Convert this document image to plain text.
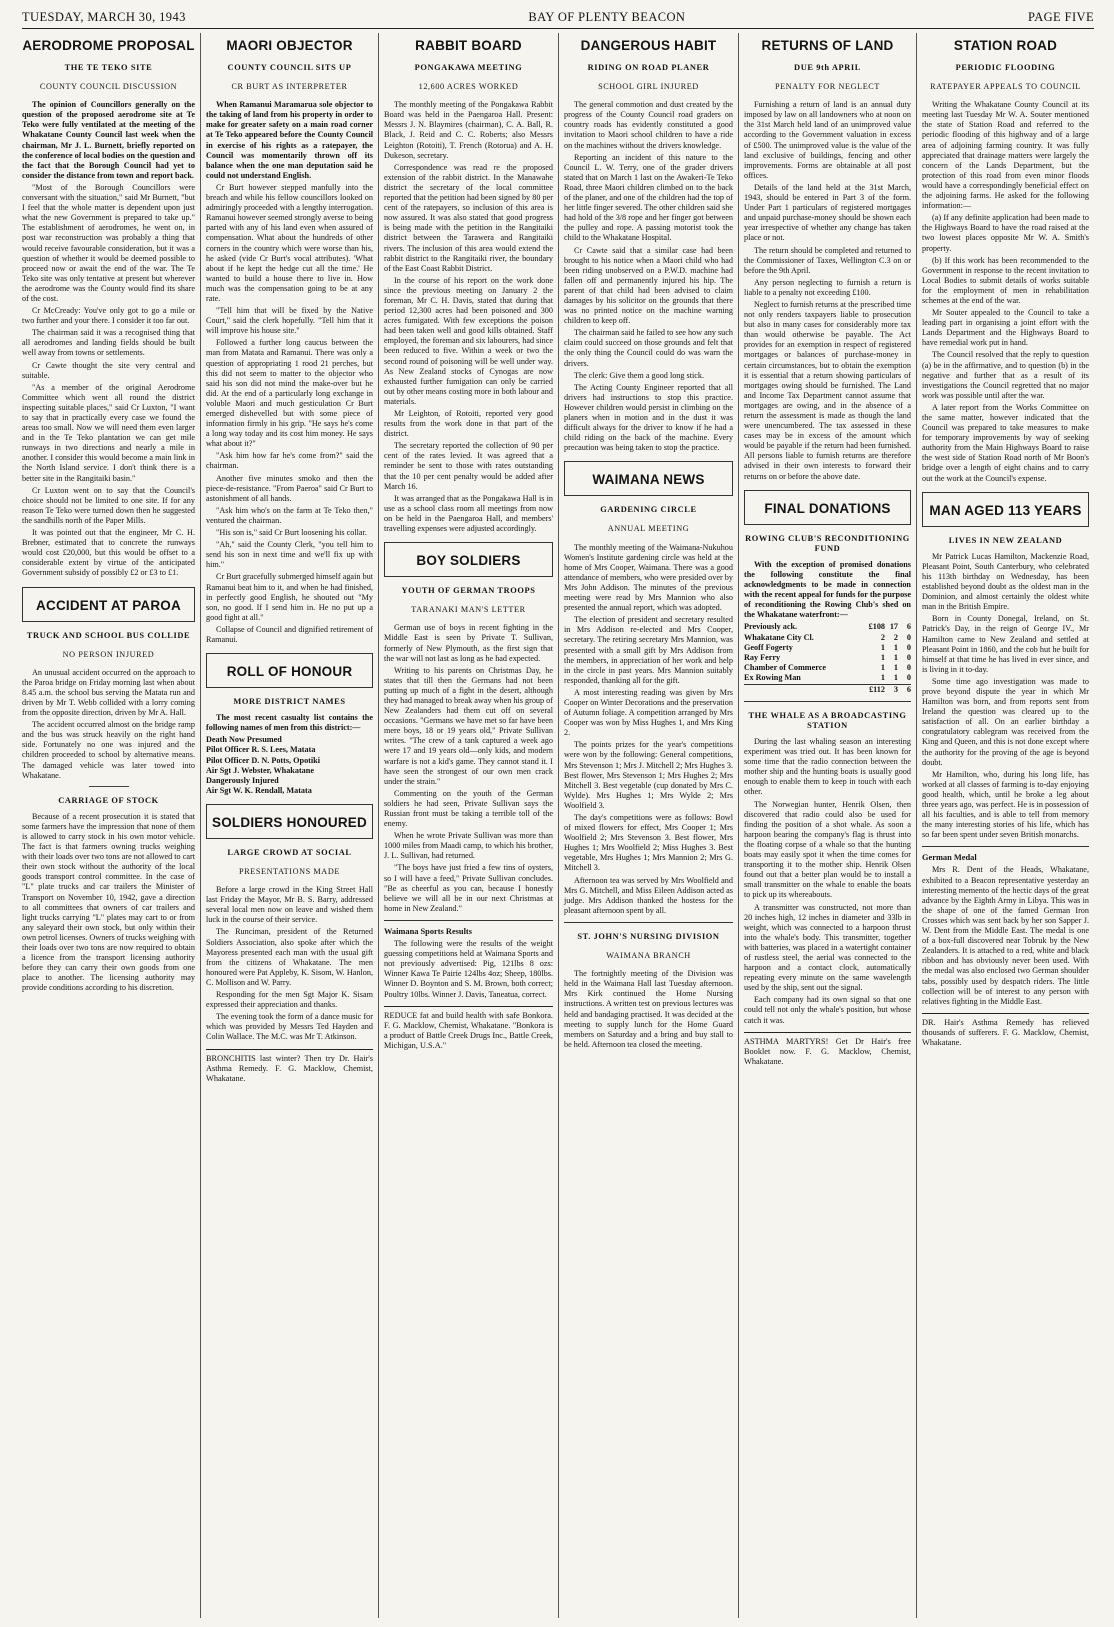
TUESDAY, MARCH 30, 1943	BAY OF PLENTY BEACON	PAGE FIVE
AERODROME PROPOSAL
THE TE TEKO SITE
COUNTY COUNCIL DISCUSSION

The opinion of Councillors generally on the question of the proposed aerodrome site at Te Teko were fully ventilated at the meeting of the Whakatane County Council last week when the chairman, Mr J. L. Burnett, briefly reported on the conference of local bodies on the question and the fact that the Borough Council had yet to consider the distance from town and report back.

"Most of the Borough Councillors were conversant with the situation," said Mr Burnett, "but I feel that the whole matter is dependent upon just what the new Government is prepared to take up." The establishment of aerodromes, he went on, in post war reconstruction was probably a thing that would receive favourable consideration, but it was a question of whether it would be deemed possible to proceed now or await the end of the war. The Te Teko site was only tentative at present but wherever the aerodrome was the County would find its share of the cost.

Cr McCready: You've only got to go a mile or two further and your there. I consider it too far out.

The chairman said it was a recognised thing that all aerodromes and landing fields should be built well away from towns or settlements.

Cr Cawte thought the site very central and suitable.

"As a member of the original Aerodrome Committee which went all round the district inspecting suitable places," said Cr Luxton, "I want to say that in practically every case we found the areas too small. Now we will need them even larger and in the Te Teko plantation we can get mile runways in two directions and nearly a mile in another. I consider this would become a main link in the North Island service. I don't think there is a better site in the Rangitaiki basin."

Cr Luxton went on to say that the Council's choice should not be limited to one site. If for any reason Te Teko were turned down then he suggested the sandhills north of the Paper Mills.

It was pointed out that the engineer, Mr C. H. Brebner, estimated that to concrete the runways would cost £20,000, but this would be offset to a considerable extent by virtue of the anticipated Government subsidy of possibly £2 or £3 to £1.

ACCIDENT AT PAROA
TRUCK AND SCHOOL BUS COLLIDE
NO PERSON INJURED

An unusual accident occurred on the approach to the Paroa bridge on Friday morning last when about 8.45 a.m. the school bus serving the Matata run and driven by Mr T. Webb collided with a lorry coming from the opposite direction, driven by Mr A. Hall.

The accident occurred almost on the bridge ramp and the bus was struck heavily on the right hand side. Fortunately no one was injured and the children proceeded to school by alternative means. The damaged vehicle was later towed into Whakatane.

CARRIAGE OF STOCK

Because of a recent prosecution it is stated that some farmers have the impression that none of them is allowed to carry stock in his own motor vehicle. The fact is that farmers owning trucks weighing with their loads over two tons are not allowed to cart their own stock without the authority of the local goods transport control committee. In the case of "L" plate trucks and car trailers the Minister of Transport on November 10, 1942, gave a direction to all committees that owners of car trailers and light trucks carrying "L" plates may cart to or from any saleyard their own stock, but only within their own petrol licenses. Owners of trucks weighing with their loads over two tons are now required to obtain a licence from the transport licensing authority before they can carry their own goods from one place to another. The licensing authority may provide conditions according to his discretion.

MAORI OBJECTOR
COUNTY COUNCIL SITS UP
CR BURT AS INTERPRETER

When Ramanui Maramarua sole objector to the taking of land from his property in order to make for greater safety on a main road corner at Te Teko appeared before the County Council in exercise of his rights as a ratepayer, the Council was momentarily thrown off its balance when the one man deputation said he could not understand English.

Cr Burt however stepped manfully into the breach and while his fellow councillors looked on admiringly proceeded with a lengthy interrogation. Ramanui however seemed strongly averse to being parted with any of his land even when assured of compensation. What about the hundreds of other corners in the country which were worse than his, he asked (vide Cr Burt's vocal attributes). 'What about if he kept the hedge cut all the time.' He wanted to build a house there to live in. How much was the compensation going to be at any rate.

"Tell him that will be fixed by the Native Court," said the clerk hopefully. "Tell him that it will improve his house site."

Followed a further long caucus between the man from Matata and Ramanui. There was only a question of appropriating 1 rood 21 perches, but this did not seem to matter to the objector who said his son did not mind the make-over but he did. At the end of a particularly long exchange in voluble Maori and much gesticulation Cr Burt emerged dishevelled but with some piece of information firmly in his grip. "He says he's come a long way today and its cost him money. He says what about it?"

"Ask him how far he's come from?" said the chairman.

Another five minutes smoko and then the piece-de-resistance. "From Paeroa" said Cr Burt to astonishment of all hands.

"Ask him who's on the farm at Te Teko then," ventured the chairman.

"His son is," said Cr Burt loosening his collar.

"Ah," said the County Clerk, "you tell him to send his son in next time and we'll fix up with him."

Cr Burt gracefully submerged himself again but Ramanui beat him to it, and when he had finished, in perfectly good English, he shouted out "My son, no good. If I send him in. He no put up a good fight at all."

Collapse of Council and dignified retirement of Ramanui.

ROLL OF HONOUR
MORE DISTRICT NAMES

The most recent casualty list contains the following names of men from this district:—

Death Now Presumed

Pilot Officer R. S. Lees, Matata

Pilot Officer D. N. Potts, Opotiki

Air Sgt J. Webster, Whakatane

Dangerously Injured

Air Sgt W. K. Rendall, Matata

SOLDIERS HONOURED
LARGE CROWD AT SOCIAL
PRESENTATIONS MADE

Before a large crowd in the King Street Hall last Friday the Mayor, Mr B. S. Barry, addressed several local men now on leave and wished them luck in the course of their service.

The Runciman, president of the Returned Soldiers Association, also spoke after which the Mayoress presented each man with the usual gift from the citizens of Whakatane. The men honoured were Pat Appleby, K. Sisom, W. Hanlon, C. Mollison and W. Parry.

Responding for the men Sgt Major K. Sisam expressed their appreciation and thanks.

The evening took the form of a dance music for which was provided by Messrs Ted Hayden and Colin Wallace. The M.C. was Mr T. Atkinson.

BRONCHITIS last winter? Then try Dr. Hair's Asthma Remedy. F. G. Macklow, Chemist, Whakatane.
RABBIT BOARD
PONGAKAWA MEETING
12,600 ACRES WORKED

The monthly meeting of the Pongakawa Rabbit Board was held in the Paengaroa Hall. Present: Messrs J. N. Blaymires (chairman), C. A. Ball, R. Black, J. Reid and C. C. Roberts; also Messrs Leighton (Rotoiti), T. French (Rotorua) and A. H. Dukeson, secretary.

Correspondence was read re the proposed extension of the rabbit district. In the Manawahe district the secretary of the local committee reported that the petition had been signed by 80 per cent of the ratepayers, so inclusion of this area is now assured. It was also stated that good progress is being made with the petition in the Rangitaiki district between the Tarawera and Rangitaiki rivers. The inclusion of this area would extend the rabbit district to the Rangitaiki river, the boundary of the East Coast Rabbit District.

In the course of his report on the work done since the previous meeting on January 2 the foreman, Mr C. H. Davis, stated that during that period 12,300 acres had been poisoned and 300 acres fumigated. With few exceptions the poison had been taken well and good kills obtained. Staff employed, the foreman and six labourers, had since been reduced to five. Within a week or two the second round of poisoning will be well under way. As New Zealand stocks of Cynogas are now exhausted further fumigation can only be carried out by other means costing more in both labour and materials.

Mr Leighton, of Rotoiti, reported very good results from the work done in that part of the district.

The secretary reported the collection of 90 per cent of the rates levied. It was agreed that a reminder be sent to those with rates outstanding that the 10 per cent penalty would be added after March 16.

It was arranged that as the Pongakawa Hall is in use as a school class room all meetings from now on be held in the Paengaroa Hall, and members' travelling expenses were adjusted accordingly.

BOY SOLDIERS
YOUTH OF GERMAN TROOPS
TARANAKI MAN'S LETTER

German use of boys in recent fighting in the Middle East is seen by Private T. Sullivan, formerly of New Plymouth, as the first sign that the war will not last as long as he had expected.

Writing to his parents on Christmas Day, he states that till then the Germans had not been putting up much of a fight in the desert, although they had managed to break away when his group of New Zealanders had them cut off on several occasions. "Germans we have met so far have been mere boys, 18 or 19 years old," Private Sullivan writes. "The crew of a tank captured a week ago were 17 and 19 years old—only kids, and modern warfare is not a kid's game. They cannot stand it. I have seen the strongest of our own men crack under the strain."

Commenting on the youth of the German soldiers he had seen, Private Sullivan says the Russian front must be taking a terrible toll of the enemy.

When he wrote Private Sullivan was more than 1000 miles from Maadi camp, to which his brother, J. L. Sullivan, had returned.

"The boys have just fried a few tins of oysters, so I will have a feed," Private Sullivan concludes. "Be as cheerful as you can, because I honestly believe we will all be in our next Christmas at home in New Zealand."

Waimana Sports Results

The following were the results of the weight guessing competitions held at Waimana Sports and not previously advertised: Pig, 121lbs 8 ozs: Winner Kawa Te Pairie 124lbs 4oz; Sheep, 180lbs. Winner D. Boynton and S. M. Brown, both correct; Poultry 10lbs. Winner J. Davis, Taneatua, correct.

REDUCE fat and build health with safe Bonkora. F. G. Macklow, Chemist, Whakatane. "Bonkora is a product of Battle Creek Drugs Inc., Battle Creek, Michigan, U.S.A."
DANGEROUS HABIT
RIDING ON ROAD PLANER
SCHOOL GIRL INJURED

The general commotion and dust created by the progress of the County Council road graders on country roads has evidently constituted a good invitation to Maori school children to have a ride on the machines without the drivers knowledge.

Reporting an incident of this nature to the Council L. W. Terry, one of the grader drivers stated that on March 1 last on the Awakeri-Te Teko Road, three Maori children climbed on to the back of the planer, and one of the children had the top of her little finger severed. The other children said she had hold of the 3/8 rope and her finger got between the pulley and rope. A passing motorist took the child to the Whakatane Hospital.

Cr Cawte said that a similar case had been brought to his notice when a Maori child who had been riding unobserved on a P.W.D. machine had fallen off and permanently injured his hip. The parent of that child had been advised to claim damages by his solicitor on the grounds that there was no printed notice on the machine warning children to keep off.

The chairman said he failed to see how any such claim could succeed on those grounds and felt that the only thing the Council could do was warn the drivers.

The clerk: Give them a good long stick.

The Acting County Engineer reported that all drivers had instructions to stop this practice. However children would persist in climbing on the planers when in motion and in the dust it was difficult always for the driver to know if he had a child riding on the back of the machine. Every precaution was being taken to stop the practice.

WAIMANA NEWS
GARDENING CIRCLE
ANNUAL MEETING

The monthly meeting of the Waimana-Nukuhou Women's Institute gardening circle was held at the home of Mrs Cooper, Waimana. There was a good attendance of members, who were presided over by Mrs John Addison. The minutes of the previous meeting were read by Mrs Mannion who also presented the annual report, which was adopted.

The election of president and secretary resulted in Mrs Addison re-elected and Mrs Cooper, secretary. The retiring secretary Mrs Mannion, was presented with a small gift by Mrs Addison from the members, in appreciation of her work and help in the circle in past years. Mrs Mannion suitably responded, thanking all for the gift.

A most interesting reading was given by Mrs Cooper on Winter Decorations and the preservation of Autumn foliage. A competition arranged by Mrs Cooper was won by Miss Hughes 1, and Mrs King 2.

The points prizes for the year's competitions were won by the following: General competitions, Mrs Stevenson 1; Mrs J. Mitchell 2; Mrs Hughes 3. Best flower, Mrs Stevenson 1; Mrs Hughes 2; Mrs Mitchell 3. Best vegetable (cup donated by Mrs C. Wylde). Mrs Hughes 1; Mrs Wylde 2; Mrs Woolfield 3.

The day's competitions were as follows: Bowl of mixed flowers for effect, Mrs Cooper 1; Mrs Woolfield 2; Mrs Stevenson 3. Best flower, Mrs Hughes 1; Mrs Woolfield 2; Miss Hughes 3. Best vegetable, Mrs Hughes 1; Mrs Mannion 2; Mrs G. Mitchell 3.

Afternoon tea was served by Mrs Woolfield and Mrs G. Mitchell, and Miss Eileen Addison acted as judge. Mrs Addison thanked the hostess for the pleasant afternoon spent by all.

ST. JOHN'S NURSING DIVISION
WAIMANA BRANCH

The fortnightly meeting of the Division was held in the Waimana Hall last Tuesday afternoon. Mrs Kirk continued the Home Nursing instructions. A written test on previous lectures was held and bandaging practised. It was decided at the meeting to supply lunch for the Home Guard members on Saturday and a bring and buy stall to be held. Afternoon tea closed the meeting.

RETURNS OF LAND
DUE 9th APRIL
PENALTY FOR NEGLECT

Furnishing a return of land is an annual duty imposed by law on all landowners who at noon on the 31st March held land of an unimproved value according to the Government valuation in excess of £500. The unimproved value is the value of the land exclusive of buildings, fencing and other improvements. Forms are obtainable at all post offices.

Details of the land held at the 31st March, 1943, should be entered in Part 3 of the form. Under Part 1 particulars of registered mortgages and unpaid purchase-money should be shown each year irrespective of whether any change has taken place or not.

The return should be completed and returned to the Commissioner of Taxes, Wellington C.3 on or before the 9th April.

Any person neglecting to furnish a return is liable to a penalty not exceeding £100.

Neglect to furnish returns at the prescribed time not only renders taxpayers liable to prosecution but also in many cases for considerably more tax than would otherwise be payable. The Act provides for an exemption in respect of registered mortgages or balances of purchase-money in certain circumstances, but to obtain the exemption it is essential that a return showing particulars of mortgages owing should be furnished. The Land and Income Tax Department cannot assume that mortgages are owing, and in the absence of a return the assessment is made as though the land were unencumbered. The tax assessed in these cases may be in excess of the amount which would be payable if the return had been furnished. All persons liable to furnish returns are therefore advised in their own interests to forward their returns on or before the above date.

FINAL DONATIONS
ROWING CLUB'S RECONDITIONING FUND

With the exception of promised donations the following constitute the final acknowledgments to be made in connection with the recent appeal for funds for the purpose of reconditioning the Rowing Club's shed on the Whakatane waterfront:—

Previously ack.	£108	17	6
Whakatane City Cl.	2	2	0
Geoff Fogerty	1	1	0
Ray Ferry	1	1	0
Chamber of Commerce	1	1	0
Ex Rowing Man	1	1	0
	£112	3	6
THE WHALE AS A BROADCASTING STATION

During the last whaling season an interesting experiment was tried out. It has been known for some time that the radio connection between the mother ship and the hunting boats is usually good enough to enable them to keep in touch with each other.

The Norwegian hunter, Henrik Olsen, then discovered that radio could also be used for finding the position of a shot whale. As soon a harpoon bearing the company's flag is thrust into the floating corpse of a whale so that the hunting boats may easily spot it when the time comes for transporting it to the mother ship. Henrik Olsen found out that a better plan would be to install a small transmitter on the whale to enable the boats to pick up its whereabouts.

A transmitter was constructed, not more than 20 inches high, 12 inches in diameter and 33lb in weight, which was connected to a harpoon thrust into the whale's body. This transmitter, together with batteries, was placed in a watertight container of rustless steel, the aerial was connected to the harpoon and a contact clock, automatically repeating every minute on the same wavelength used by the ship, sent out the signal.

Each company had its own signal so that one could tell not only the whale's position, but whose catch it was.

ASTHMA MARTYRS! Get Dr Hair's free Booklet now. F. G. Macklow, Chemist, Whakatane.
STATION ROAD
PERIODIC FLOODING
RATEPAYER APPEALS TO COUNCIL

Writing the Whakatane County Council at its meeting last Tuesday Mr W. A. Souter mentioned the state of Station Road and referred to the periodic flooding of this highway and of a large area of adjoining farming country. It was fully appreciated that drainage matters were largely the concern of the Lands Department, but the protection of this road from even minor floods would have a correspondingly beneficial effect on the adjoining farms. He asked for the following information:—

(a) If any definite application had been made to the Highways Board to have the road raised at the two lowest places opposite Mr W. A. Smith's property.

(b) If this work has been recommended to the Government in response to the recent invitation to Local Bodies to submit details of works suitable for the employment of men in rehabilitation schemes at the end of the war.

Mr Souter appealed to the Council to take a leading part in organising a joint effort with the Lands Department and the Highways Board to have remedial work put in hand.

The Council resolved that the reply to question (a) be in the affirmative, and to question (b) in the negative and further that as a result of its investigations the Council regretted that no major work was possible until after the war.

A later report from the Works Committee on the same matter, however indicated that the Council was prepared to take measures to make for temporary improvements by way of seeking authority from the Main Highways Board to raise the west side of Station Road north of Mr Boon's bridge over a length of eight chains and to carry out the work at the Council's expense.

MAN AGED 113 YEARS
LIVES IN NEW ZEALAND

Mr Patrick Lucas Hamilton, Mackenzie Road, Pleasant Point, South Canterbury, who celebrated his 113th birthday on Wednesday, has been established beyond doubt as the oldest man in the Dominion, and almost certainly the oldest white man in the British Empire.

Born in County Donegal, Ireland, on St. Patrick's Day, in the reign of George IV., Mr Hamilton came to New Zealand and settled at Pleasant Point in 1860, and the cob hut he built for himself at that time he has lived in ever since, and is living in it to-day.

Some time ago investigation was made to prove beyond dispute the year in which Mr Hamilton was born, and from reports sent from Ireland the question was cleared up to the satisfaction of all. On an earlier birthday a congratulatory cablegram was received from the King and Queen, and this is not done except where the authority for the proving of the age is beyond doubt.

Mr Hamilton, who, during his long life, has worked at all classes of farming is to-day enjoying good health, which, until he broke a leg about three years ago, was perfect. He is in possession of all his faculties, and is able to tell from memory the many interesting stories of his life, which has so far been spent under seven British monarchs.

German Medal

Mrs R. Dent of the Heads, Whakatane, exhibited to a Beacon representative yesterday an interesting memento of the hectic days of the great advance by the Eighth Army in Libya. This was in the shape of one of the famed German Iron Crosses which was sent back by her son Sapper J. W. Dent from the Middle East. The medal is one of a box-full discovered near Tobruk by the New Zealanders. It is attached to a red, white and black ribbon and has obviously never been used. With the medal was also enclosed two German shoulder tabs, possibly used by despatch riders. The little collection will be of interest to any person with relatives fighting in the Middle East.

DR. Hair's Asthma Remedy has relieved thousands of sufferers. F. G. Macklow, Chemist, Whakatane.
